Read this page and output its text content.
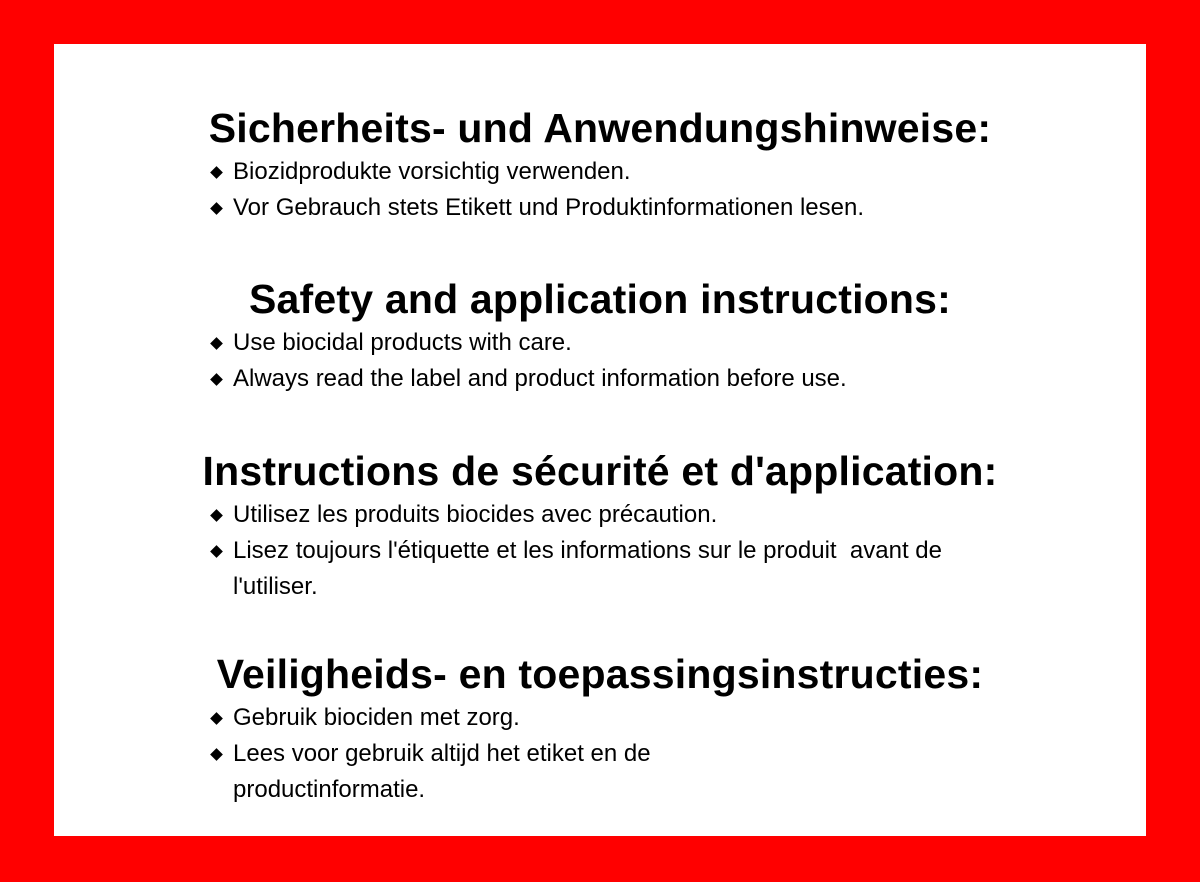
Sicherheits- und Anwendungshinweise:
Biozidprodukte vorsichtig verwenden.
Vor Gebrauch stets Etikett und Produktinformationen lesen.
Safety and application instructions:
Use biocidal products with care.
Always read the label and product information before use.
Instructions de sécurité et d'application:
Utilisez les produits biocides avec précaution.
Lisez toujours l'étiquette et les informations sur le produit  avant de l'utiliser.
Veiligheids- en toepassingsinstructies:
Gebruik biociden met zorg.
Lees voor gebruik altijd het etiket en de productinformatie.
